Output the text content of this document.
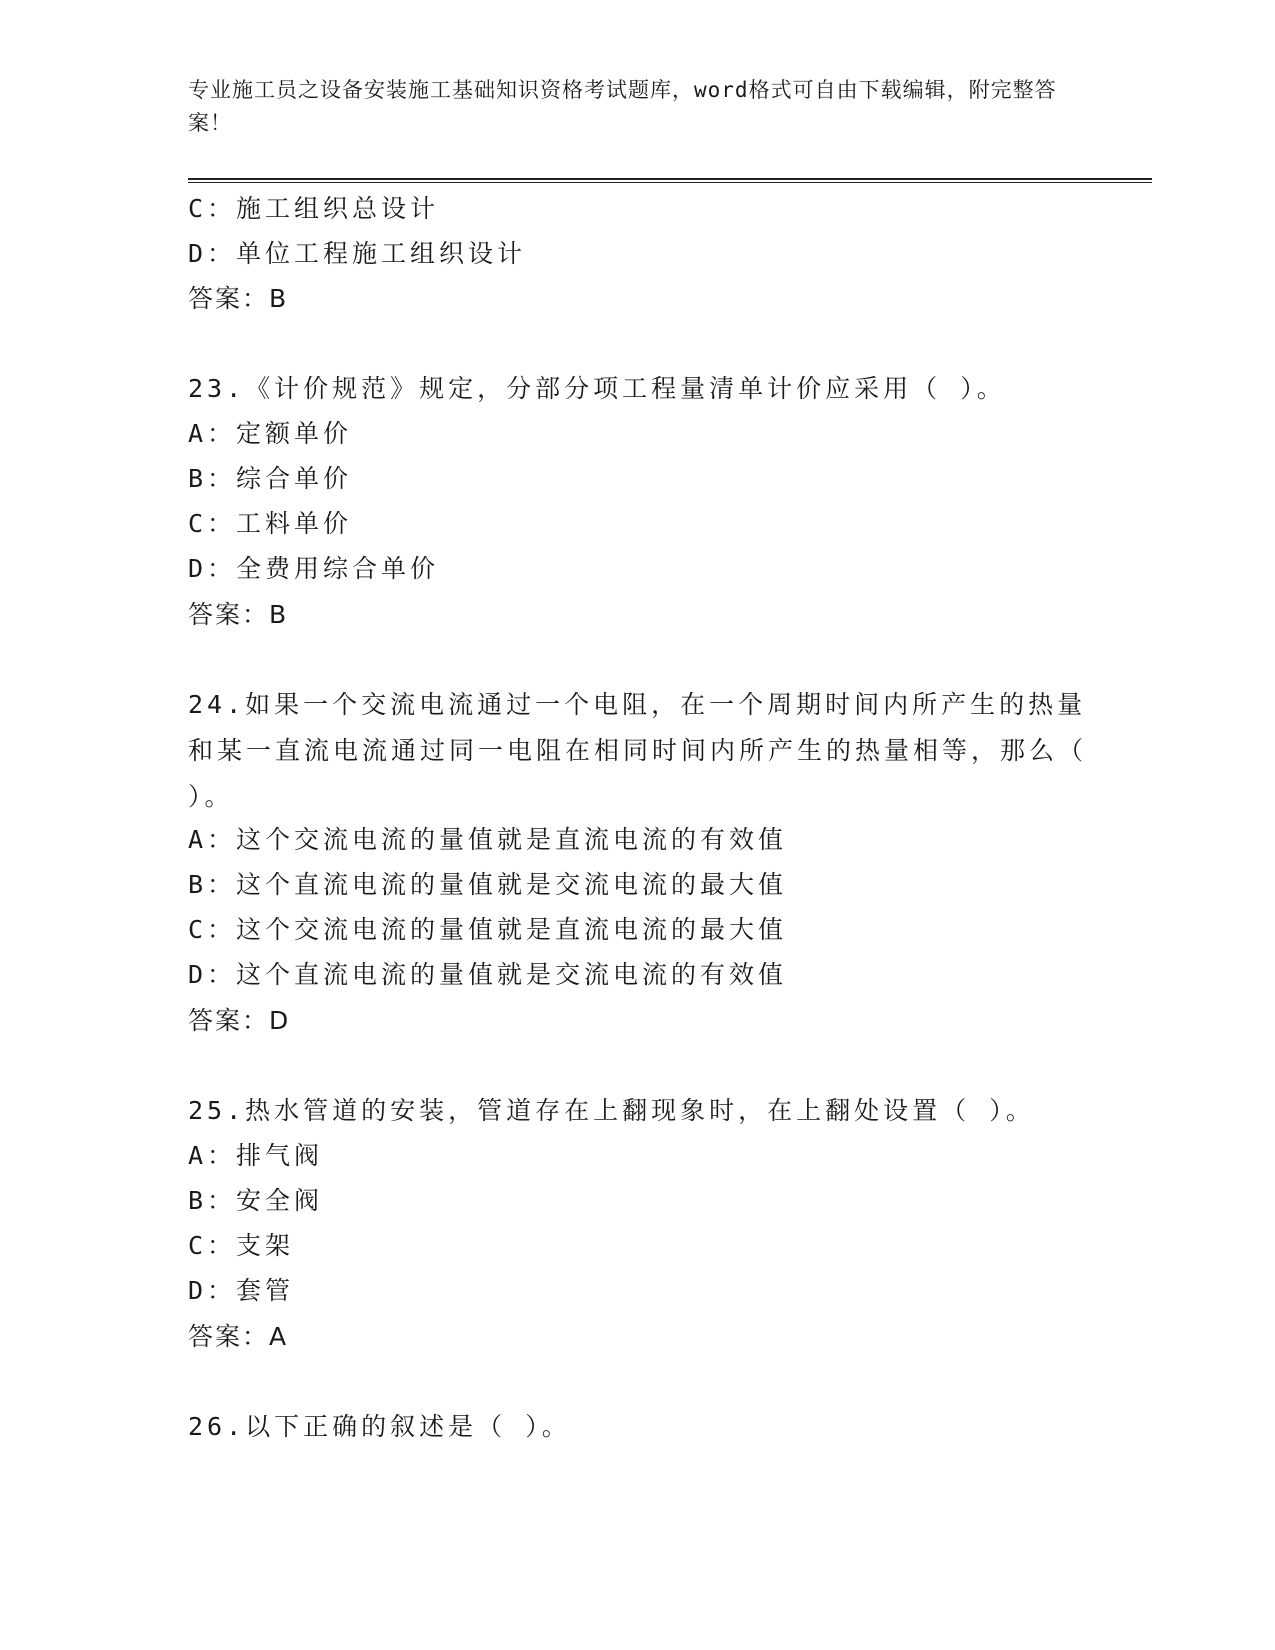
专业施工员之设备安装施工基础知识资格考试题库，word格式可自由下载编辑，附完整答案！
C：施工组织总设计
D：单位工程施工组织设计
答案：B
23.《计价规范》规定，分部分项工程量清单计价应采用（ ）。
A：定额单价
B：综合单价
C：工料单价
D：全费用综合单价
答案：B
24.如果一个交流电流通过一个电阻，在一个周期时间内所产生的热量和某一直流电流通过同一电阻在相同时间内所产生的热量相等，那么（ ）。
A：这个交流电流的量值就是直流电流的有效值
B：这个直流电流的量值就是交流电流的最大值
C：这个交流电流的量值就是直流电流的最大值
D：这个直流电流的量值就是交流电流的有效值
答案：D
25.热水管道的安装，管道存在上翻现象时，在上翻处设置（ ）。
A：排气阀
B：安全阀
C：支架
D：套管
答案：A
26.以下正确的叙述是（ ）。
